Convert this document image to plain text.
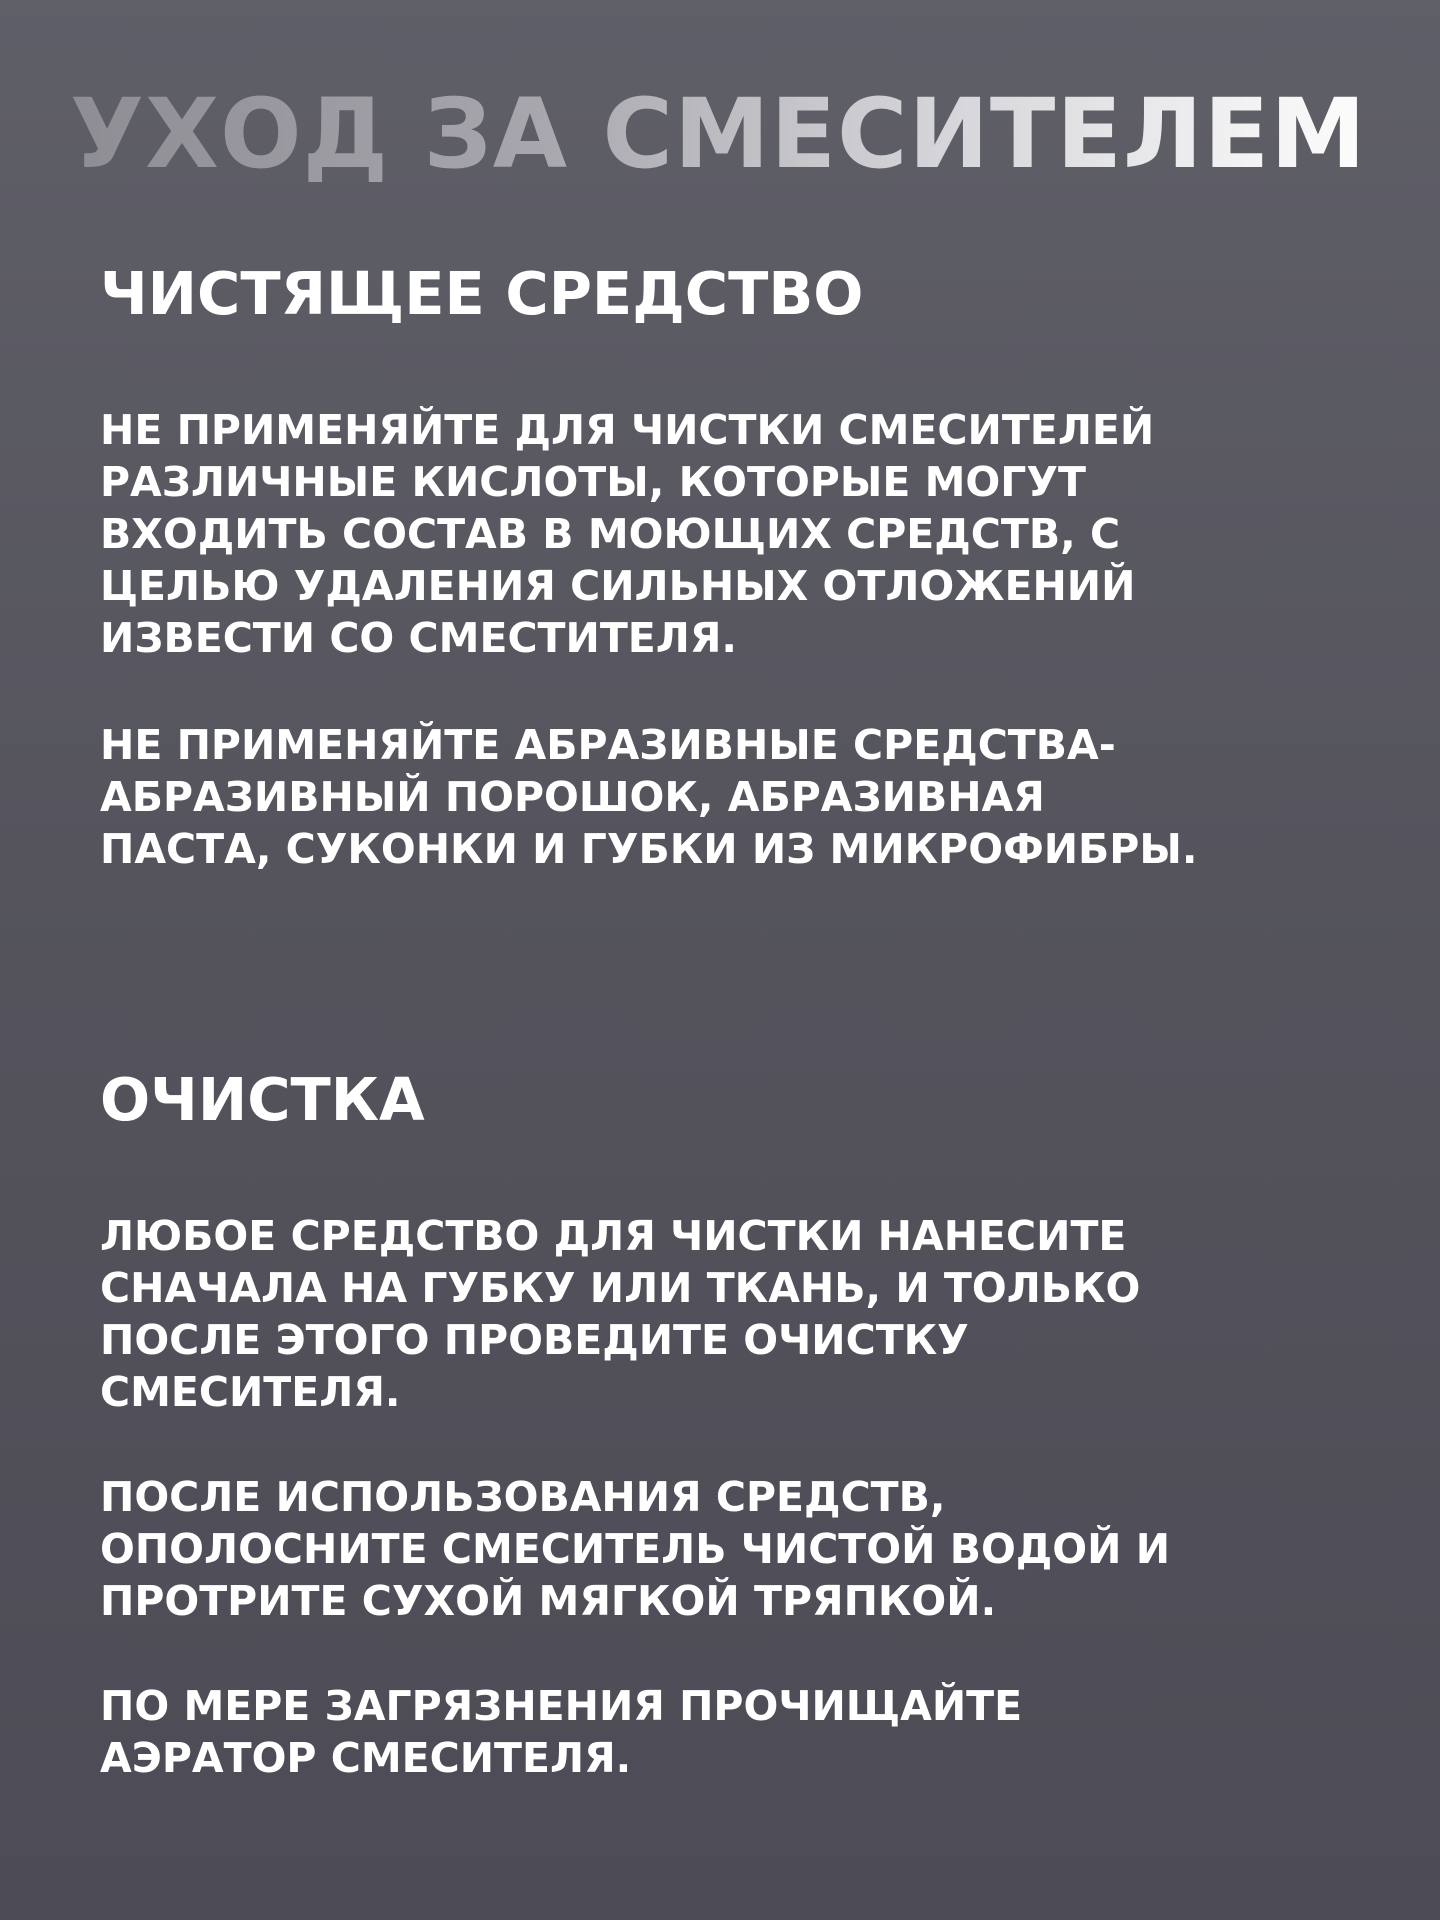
УХОД ЗА СМЕСИТЕЛЕМ
ЧИСТЯЩЕЕ СРЕДСТВО

НЕ ПРИМЕНЯЙТЕ ДЛЯ ЧИСТКИ СМЕСИТЕЛЕЙ
РАЗЛИЧНЫЕ КИСЛОТЫ, КОТОРЫЕ МОГУТ
ВХОДИТЬ СОСТАВ В МОЮЩИХ СРЕДСТВ, С
ЦЕЛЬЮ УДАЛЕНИЯ СИЛЬНЫХ ОТЛОЖЕНИЙ
ИЗВЕСТИ СО СМЕСТИТЕЛЯ.

НЕ ПРИМЕНЯЙТЕ АБРАЗИВНЫЕ СРЕДСТВА-
АБРАЗИВНЫЙ ПОРОШОК, АБРАЗИВНАЯ
ПАСТА, СУКОНКИ И ГУБКИ ИЗ МИКРОФИБРЫ.

ОЧИСТКА

ЛЮБОЕ СРЕДСТВО ДЛЯ ЧИСТКИ НАНЕСИТЕ
СНАЧАЛА НА ГУБКУ ИЛИ ТКАНЬ, И ТОЛЬКО
ПОСЛЕ ЭТОГО ПРОВЕДИТЕ ОЧИСТКУ
СМЕСИТЕЛЯ.

ПОСЛЕ ИСПОЛЬЗОВАНИЯ СРЕДСТВ,
ОПОЛОСНИТЕ СМЕСИТЕЛЬ ЧИСТОЙ ВОДОЙ И
ПРОТРИТЕ СУХОЙ МЯГКОЙ ТРЯПКОЙ.

ПО МЕРЕ ЗАГРЯЗНЕНИЯ ПРОЧИЩАЙТЕ
АЭРАТОР СМЕСИТЕЛЯ.
